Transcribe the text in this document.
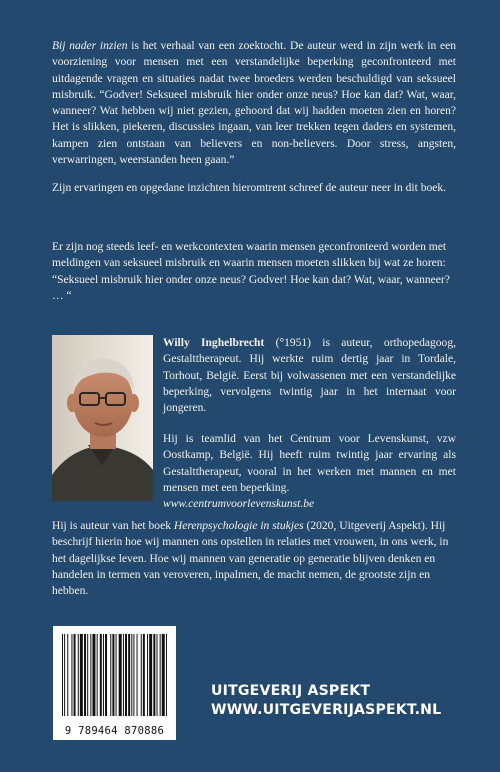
Bij nader inzien is het verhaal van een zoektocht. De auteur werd in zijn werk in een voorziening voor mensen met een verstandelijke beperking geconfronteerd met uitdagende vragen en situaties nadat twee broeders werden beschuldigd van seksueel misbruik. “Godver! Seksueel misbruik hier onder onze neus? Hoe kan dat? Wat, waar, wanneer? Wat hebben wij niet gezien, gehoord dat wij hadden moeten zien en horen? Het is slikken, piekeren, discussies ingaan, van leer trekken tegen daders en systemen, kampen zien ontstaan van believers en non-believers. Door stress, angsten, verwarringen, weerstanden heen gaan.”

Zijn ervaringen en opgedane inzichten hieromtrent schreef de auteur neer in dit boek.

Er zijn nog steeds leef- en werkcontexten waarin mensen geconfronteerd worden met meldingen van seksueel misbruik en waarin mensen moeten slikken bij wat ze horen: “Seksueel misbruik hier onder onze neus? Godver! Hoe kan dat? Wat, waar, wanneer? … “

Willy Inghelbrecht (°1951) is auteur, orthopedagoog, Gestalttherapeut. Hij werkte ruim dertig jaar in Tordale, Torhout, België. Eerst bij volwassenen met een verstandelijke beperking, vervolgens twintig jaar in het internaat voor jongeren.

Hij is teamlid van het Centrum voor Levenskunst, vzw Oostkamp, België. Hij heeft ruim twintig jaar ervaring als Gestalttherapeut, vooral in het werken met mannen en met mensen met een beperking.
www.centrumvoorlevenskunst.be

Hij is auteur van het boek Herenpsychologie in stukjes (2020, Uitgeverij Aspekt). Hij beschrijf hierin hoe wij mannen ons opstellen in relaties met vrouwen, in ons werk, in het dagelijkse leven. Hoe wij mannen van generatie op generatie blijven denken en handelen in termen van veroveren, inpalmen, de macht nemen, de grootste zijn en hebben.

9 789464 870886
UITGEVERIJ ASPEKT
WWW.UITGEVERIJASPEKT.NL
